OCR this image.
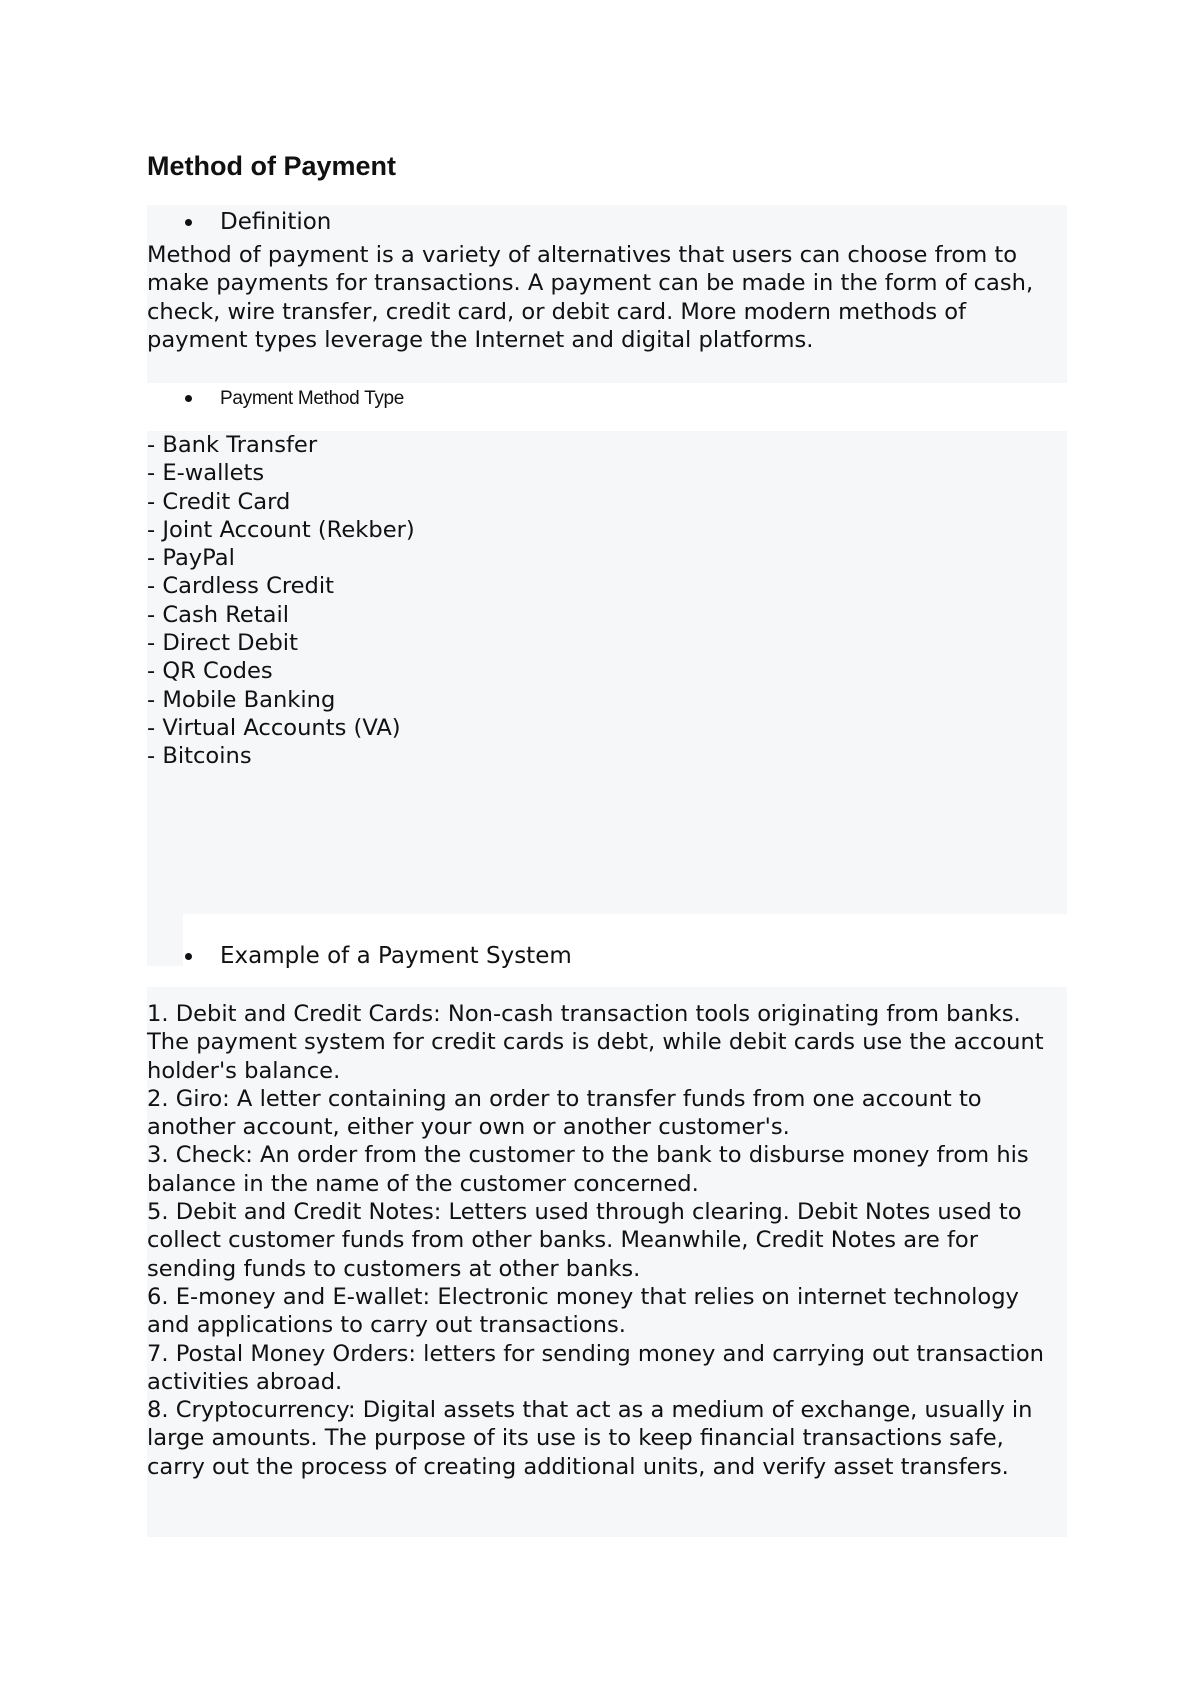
Method of Payment
Definition

Method of payment is a variety of alternatives that users can choose from to make payments for transactions. A payment can be made in the form of cash, check, wire transfer, credit card, or debit card. More modern methods of payment types leverage the Internet and digital platforms.

Payment Method Type
- Bank Transfer
- E-wallets
- Credit Card
- Joint Account (Rekber)
- PayPal
- Cardless Credit
- Cash Retail
- Direct Debit
- QR Codes
- Mobile Banking
- Virtual Accounts (VA)
- Bitcoins
Example of a Payment System
1. Debit and Credit Cards: Non-cash transaction tools originating from banks. The payment system for credit cards is debt, while debit cards use the account holder's balance.
2. Giro: A letter containing an order to transfer funds from one account to another account, either your own or another customer's.
3. Check: An order from the customer to the bank to disburse money from his balance in the name of the customer concerned.
5. Debit and Credit Notes: Letters used through clearing. Debit Notes used to collect customer funds from other banks. Meanwhile, Credit Notes are for sending funds to customers at other banks.
6. E-money and E-wallet: Electronic money that relies on internet technology and applications to carry out transactions.
7. Postal Money Orders: letters for sending money and carrying out transaction activities abroad.
8. Cryptocurrency: Digital assets that act as a medium of exchange, usually in large amounts. The purpose of its use is to keep financial transactions safe, carry out the process of creating additional units, and verify asset transfers.
